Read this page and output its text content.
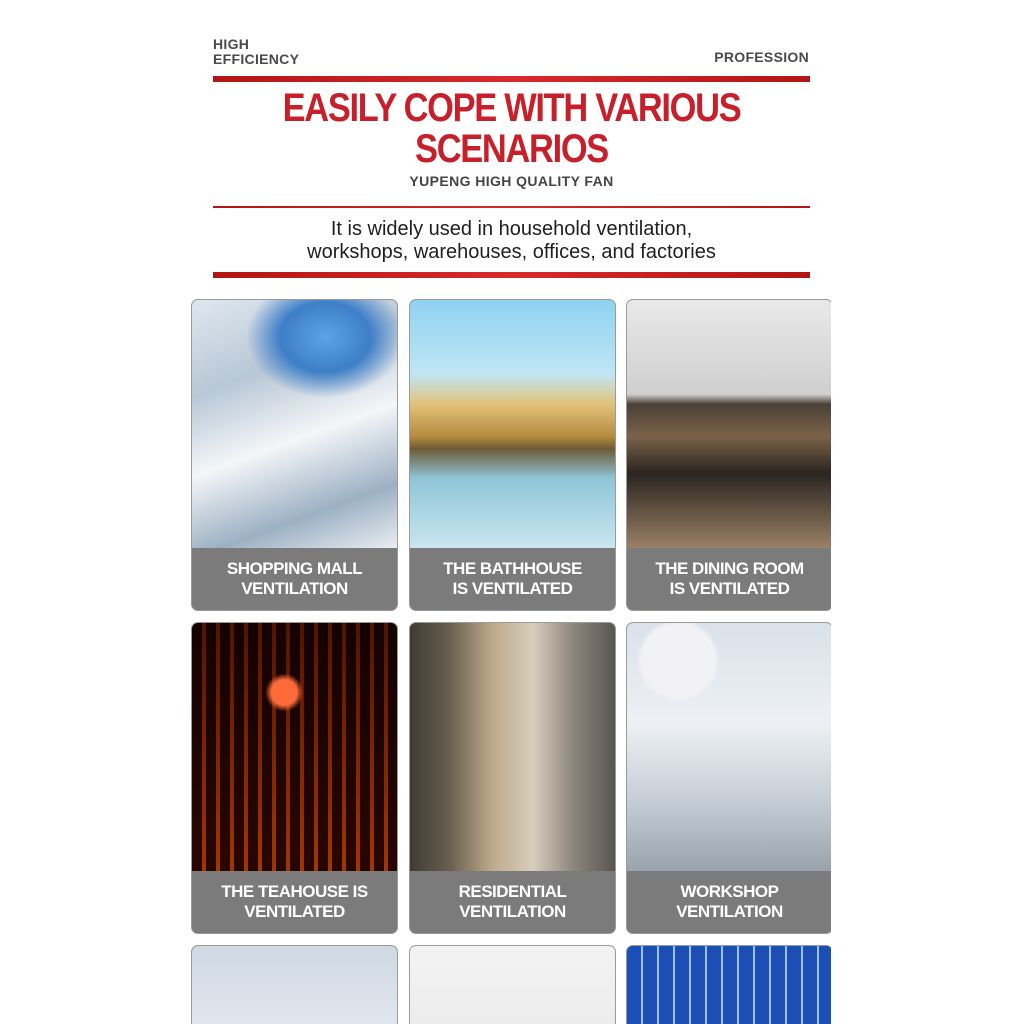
HIGH
EFFICIENCY	PROFESSION
EASILY COPE WITH VARIOUS
SCENARIOS
YUPENG HIGH QUALITY FAN
It is widely used in household ventilation,
workshops, warehouses, offices, and factories
SHOPPING MALL
VENTILATION
THE BATHHOUSE
IS VENTILATED
THE DINING ROOM
IS VENTILATED
THE TEAHOUSE IS
VENTILATED
RESIDENTIAL
VENTILATION
WORKSHOP
VENTILATION
